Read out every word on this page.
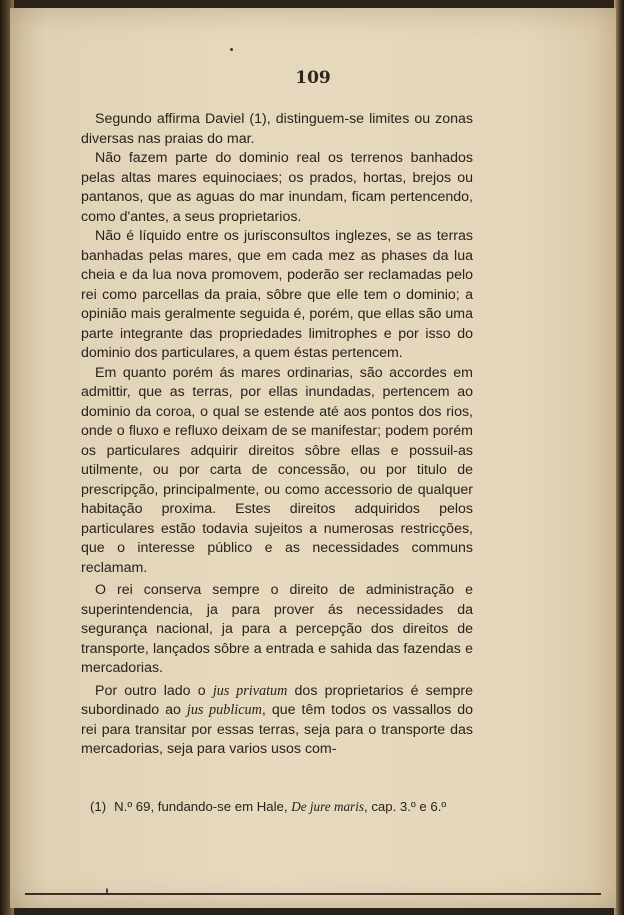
109

Segundo affirma Daviel (1), distinguem-se limites ou zonas diversas nas praias do mar.

Não fazem parte do dominio real os terrenos banhados pelas altas mares equinociaes; os prados, hortas, brejos ou pantanos, que as aguas do mar inundam, ficam pertencendo, como d'antes, a seus proprietarios.

Não é líquido entre os jurisconsultos inglezes, se as terras banhadas pelas mares, que em cada mez as phases da lua cheia e da lua nova promovem, poderão ser reclamadas pelo rei como parcellas da praia, sôbre que elle tem o dominio; a opinião mais geralmente seguida é, porém, que ellas são uma parte integrante das propriedades limitrophes e por isso do dominio dos particulares, a quem éstas pertencem.

Em quanto porém ás mares ordinarias, são accordes em admittir, que as terras, por ellas inundadas, pertencem ao dominio da coroa, o qual se estende até aos pontos dos rios, onde o fluxo e refluxo deixam de se manifestar; podem porém os particulares adquirir direitos sôbre ellas e possuil-as utilmente, ou por carta de concessão, ou por titulo de prescripção, principalmente, ou como accessorio de qualquer habitação proxima. Estes direitos adquiridos pelos particulares estão todavia sujeitos a numerosas restricções, que o interesse público e as necessidades communs reclamam.

O rei conserva sempre o direito de administração e superintendencia, ja para prover ás necessidades da segurança nacional, ja para a percepção dos direitos de transporte, lançados sôbre a entrada e sahida das fazendas e mercadorias.

Por outro lado o jus privatum dos proprietarios é sempre subordinado ao jus publicum, que têm todos os vassallos do rei para transitar por essas terras, seja para o transporte das mercadorias, seja para varios usos com-

(1) N.º 69, fundando-se em Hale, De jure maris, cap. 3.º e 6.º
